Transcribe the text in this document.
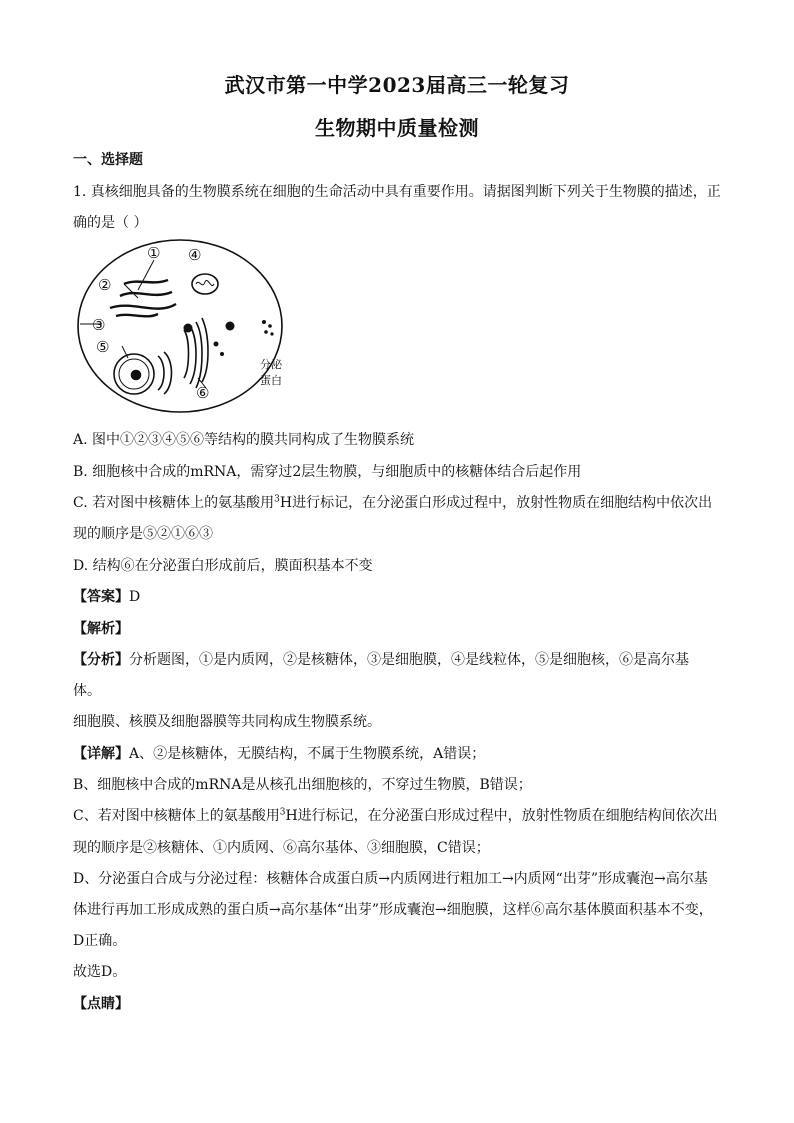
武汉市第一中学2023届高三一轮复习
生物期中质量检测
一、选择题
1. 真核细胞具备的生物膜系统在细胞的生命活动中具有重要作用。请据图判断下列关于生物膜的描述，正
确的是（ ）
①
②
③
④
⑤
⑥
分泌
蛋白
A. 图中①②③④⑤⑥等结构的膜共同构成了生物膜系统
B. 细胞核中合成的mRNA，需穿过2层生物膜，与细胞质中的核糖体结合后起作用
C. 若对图中核糖体上的氨基酸用$^3$H进行标记，在分泌蛋白形成过程中，放射性物质在细胞结构中依次出
现的顺序是⑤②①⑥③
D. 结构⑥在分泌蛋白形成前后，膜面积基本不变
【答案】D
【解析】
【分析】分析题图，①是内质网，②是核糖体，③是细胞膜，④是线粒体，⑤是细胞核，⑥是高尔基
体。
细胞膜、核膜及细胞器膜等共同构成生物膜系统。
【详解】A、②是核糖体，无膜结构，不属于生物膜系统，A错误；
B、细胞核中合成的mRNA是从核孔出细胞核的，不穿过生物膜，B错误；
C、若对图中核糖体上的氨基酸用$^3$H进行标记，在分泌蛋白形成过程中，放射性物质在细胞结构间依次出
现的顺序是②核糖体、①内质网、⑥高尔基体、③细胞膜，C错误；
D、分泌蛋白合成与分泌过程：核糖体合成蛋白质→内质网进行粗加工→内质网“出芽”形成囊泡→高尔基
体进行再加工形成成熟的蛋白质→高尔基体“出芽”形成囊泡→细胞膜，这样⑥高尔基体膜面积基本不变，
D正确。
故选D。
【点睛】
